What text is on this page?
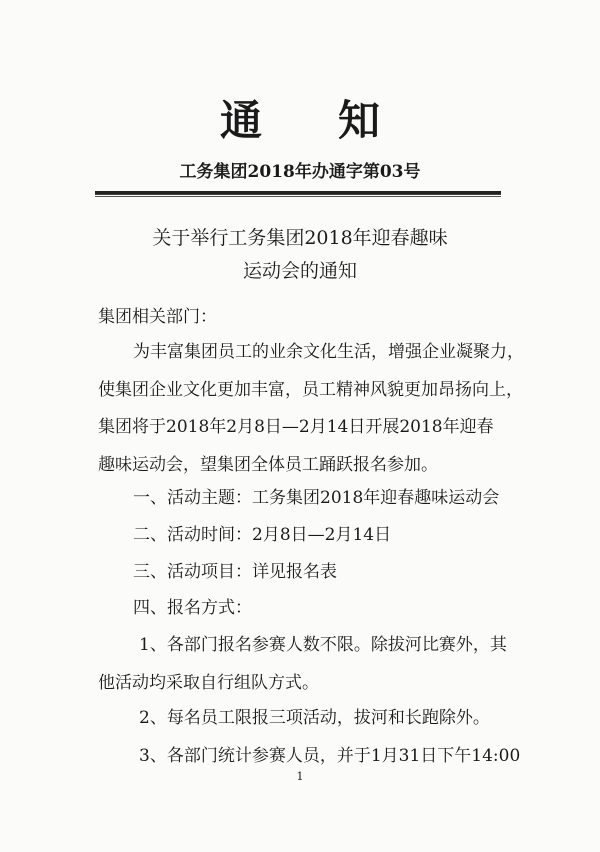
通 知
工务集团2018年办通字第03号
关于举行工务集团2018年迎春趣味
运动会的通知
集团相关部门：
为丰富集团员工的业余文化生活，增强企业凝聚力，
使集团企业文化更加丰富，员工精神风貌更加昂扬向上，
集团将于2018年2月8日—2月14日开展2018年迎春
趣味运动会，望集团全体员工踊跃报名参加。
一、活动主题：工务集团2018年迎春趣味运动会
二、活动时间：2月8日—2月14日
三、活动项目：详见报名表
四、报名方式：
1、各部门报名参赛人数不限。除拔河比赛外，其
他活动均采取自行组队方式。
2、每名员工限报三项活动，拔河和长跑除外。
3、各部门统计参赛人员，并于1月31日下午14:00
1
